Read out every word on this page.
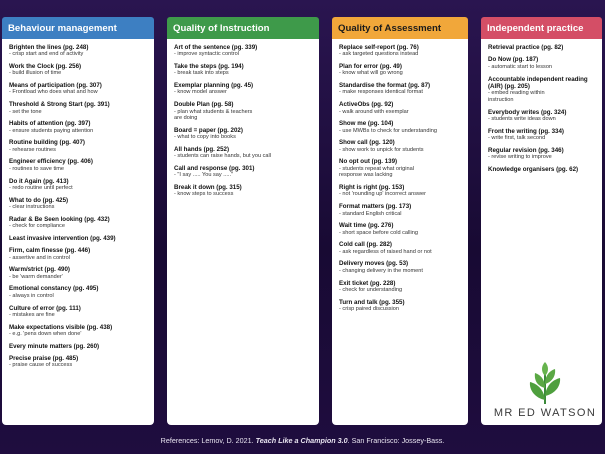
Behaviour management
Brighten the lines (pg. 248)
- crisp start and end of activity
Work the Clock (pg. 256)
- build illusion of time
Means of participation (pg. 307)
- Frontload who does what and how
Threshold & Strong Start (pg. 391)
- set the tone
Habits of attention (pg. 397)
- ensure students paying attention
Routine building (pg. 407)
- rehearse routines
Engineer efficiency (pg. 406)
- routines to save time
Do it Again (pg. 413)
- redo routine until perfect
What to do (pg. 425)
- clear instructions
Radar & Be Seen looking (pg. 432)
- check for compliance
Least invasive intervention (pg. 439)
Firm, calm finesse (pg. 446)
- assertive and in control
Warm/strict (pg. 490)
- be 'warm demander'
Emotional constancy (pg. 495)
- always in control
Culture of error (pg. 111)
- mistakes are fine
Make expectations visible (pg. 438)
- e.g. 'pens down when done'
Every minute matters (pg. 260)
Precise praise (pg. 485)
- praise cause of success
Quality of Instruction
Art of the sentence (pg. 339)
- improve syntactic control
Take the steps (pg. 194)
- break task into steps
Exemplar planning (pg. 45)
- know model answer
Double Plan (pg. 58)
- plan what students & teachers
are doing
Board = paper (pg. 202)
- what to copy into books
All hands (pg. 252)
- students can raise hands, but you call
Call and response (pg. 301)
- "I say ..... You say ....."
Break it down (pg. 315)
- know steps to success
Quality of Assessment
Replace self-report (pg. 76)
- ask targeted questions instead
Plan for error (pg. 49)
- know what will go wrong
Standardise the format (pg. 87)
- make responses identical format
ActiveObs (pg. 92)
- walk around with exemplar
Show me (pg. 104)
- use MWBs to check for understanding
Show call (pg. 120)
- show work to unpick for students
No opt out (pg. 139)
- students repeat what original
response was lacking
Right is right (pg. 153)
- not 'rounding up' incorrect answer
Format matters (pg. 173)
- standard English critical
Wait time (pg. 276)
- short space before cold calling
Cold call (pg. 282)
- ask regardless of raised hand or not
Delivery moves (pg. 53)
- changing delivery in the moment
Exit ticket (pg. 228)
- check for understanding
Turn and talk (pg. 355)
- crisp paired discussion
Independent practice
Retrieval practice (pg. 82)
Do Now (pg. 187)
- automatic start to lesson
Accountable independent reading (AIR) (pg. 205)
- embed reading within
instruction
Everybody writes (pg. 324)
- students write ideas down
Front the writing (pg. 334)
- write first, talk second
Regular revision (pg. 346)
- revise writing to improve
Knowledge organisers (pg. 62)
MR ED WATSON
References: Lemov, D. 2021. Teach Like a Champion 3.0. San Francisco: Jossey-Bass.
